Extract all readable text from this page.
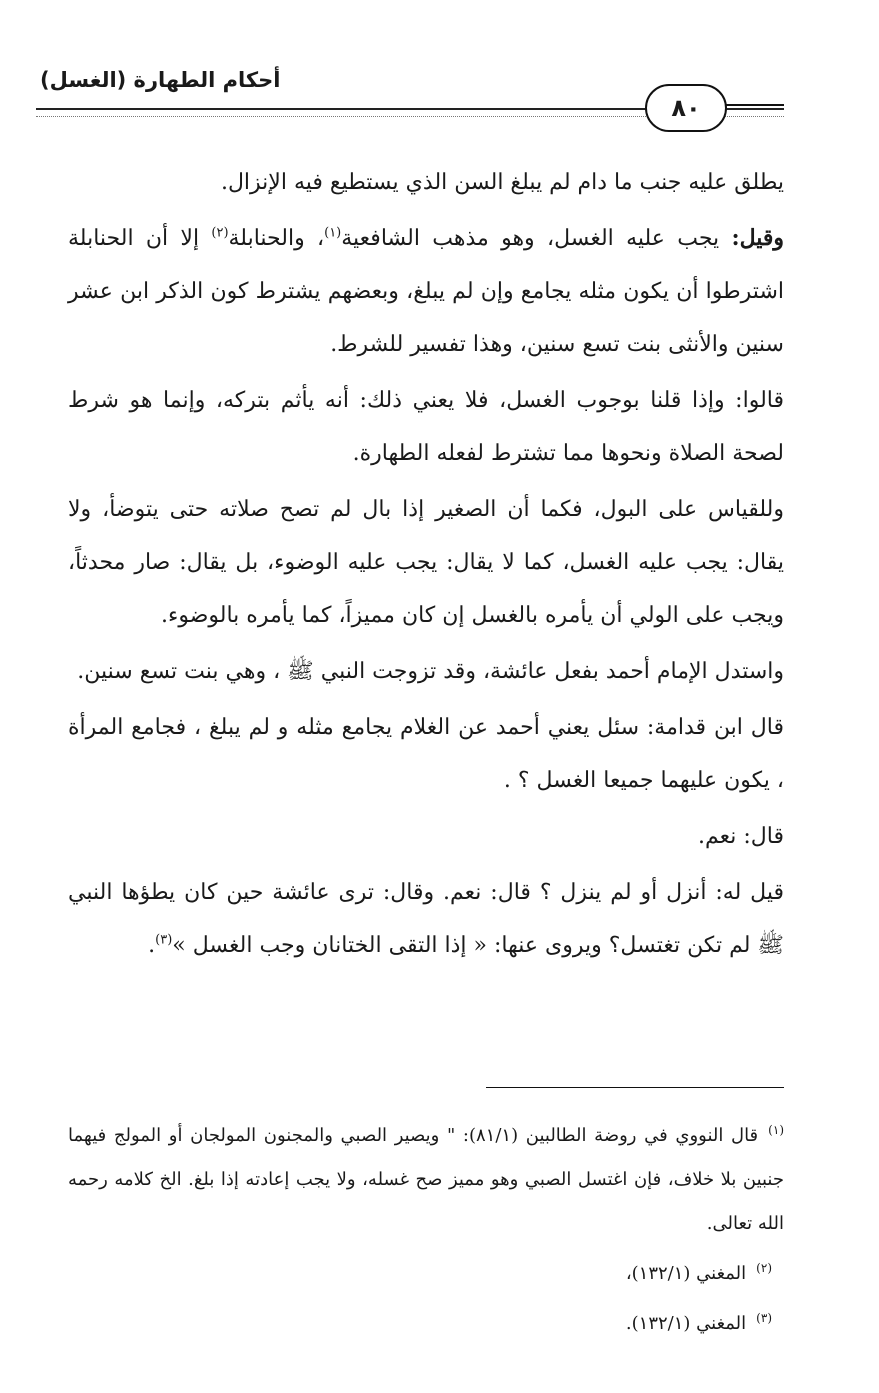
أحكام الطهارة (الغسل)
٨٠

يطلق عليه جنب ما دام لم يبلغ السن الذي يستطيع فيه الإنزال.

وقيل: يجب عليه الغسل، وهو مذهب الشافعية$^{(١)}$، والحنابلة$^{(٢)}$ إلا أن الحنابلة اشترطوا أن يكون مثله يجامع وإن لم يبلغ، وبعضهم يشترط كون الذكر ابن عشر سنين والأنثى بنت تسع سنين، وهذا تفسير للشرط.

قالوا: وإذا قلنا بوجوب الغسل، فلا يعني ذلك: أنه يأثم بتركه، وإنما هو شرط لصحة الصلاة ونحوها مما تشترط لفعله الطهارة.

وللقياس على البول، فكما أن الصغير إذا بال لم تصح صلاته حتى يتوضأ، ولا يقال: يجب عليه الغسل، كما لا يقال: يجب عليه الوضوء، بل يقال: صار محدثاً، ويجب على الولي أن يأمره بالغسل إن كان مميزاً، كما يأمره بالوضوء.

واستدل الإمام أحمد بفعل عائشة، وقد تزوجت النبي ﷺ ، وهي بنت تسع سنين.

قال ابن قدامة: سئل يعني أحمد عن الغلام يجامع مثله و لم يبلغ ، فجامع المرأة ، يكون عليهما جميعا الغسل ؟ .

قال: نعم.

قيل له: أنزل أو لم ينزل ؟ قال: نعم. وقال: ترى عائشة حين كان يطؤها النبي ﷺ لم تكن تغتسل؟ ويروى عنها: « إذا التقى الختانان وجب الغسل »$^{(٣)}$.

$^{(١)}$قال النووي في روضة الطالبين (٨١/١): " ويصير الصبي والمجنون المولجان أو المولج فيهما جنبين بلا خلاف، فإن اغتسل الصبي وهو مميز صح غسله، ولا يجب إعادته إذا بلغ. الخ كلامه رحمه الله تعالى.

$^{(٢)}$المغني (١٣٢/١)،

$^{(٣)}$المغني (١٣٢/١).
